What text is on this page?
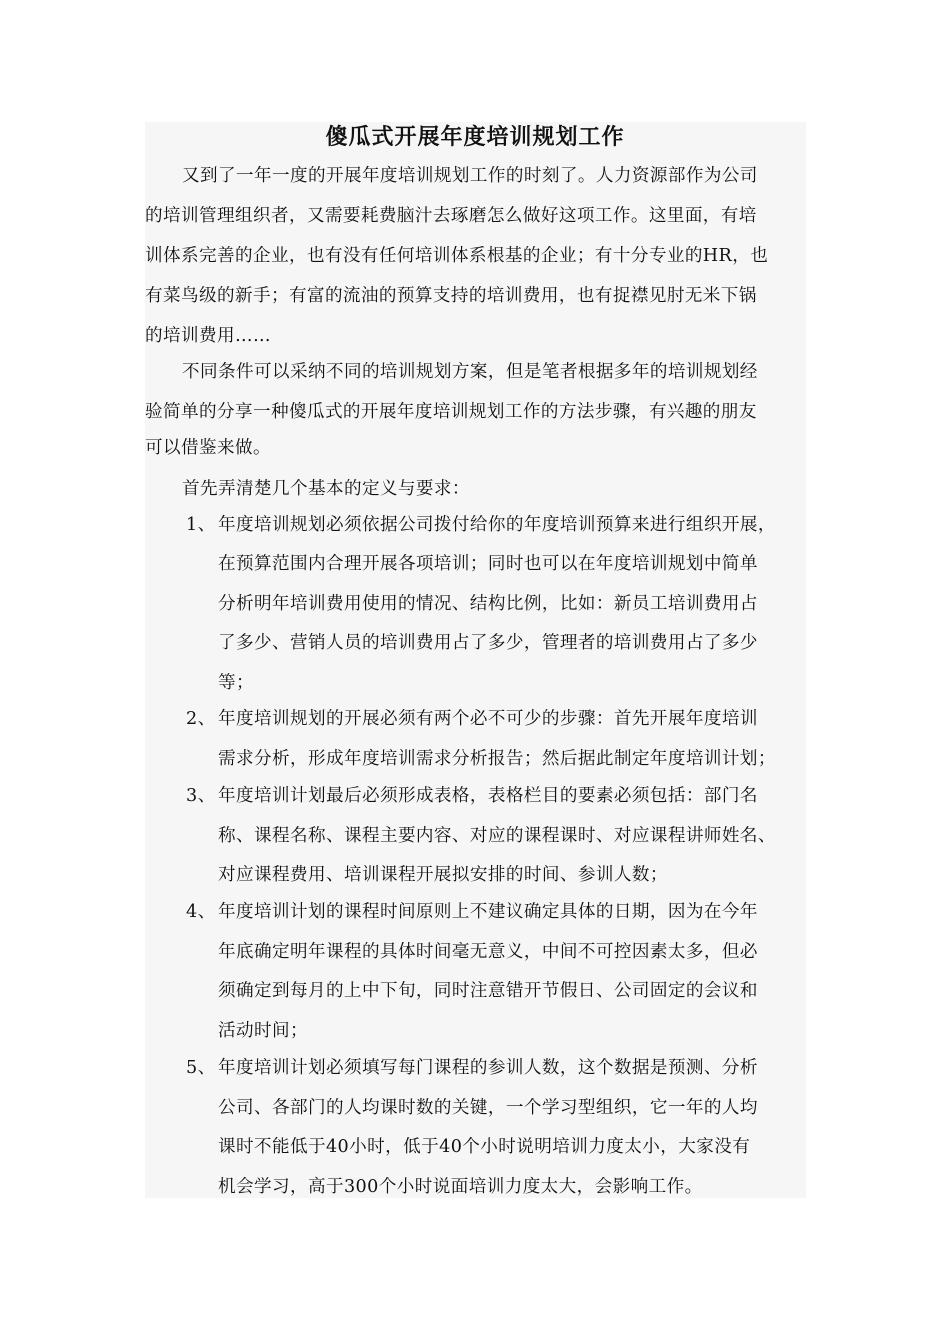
傻瓜式开展年度培训规划工作
又到了一年一度的开展年度培训规划工作的时刻了。人力资源部作为公司
的培训管理组织者，又需要耗费脑汁去琢磨怎么做好这项工作。这里面，有培
训体系完善的企业，也有没有任何培训体系根基的企业；有十分专业的HR，也
有菜鸟级的新手；有富的流油的预算支持的培训费用，也有捉襟见肘无米下锅
的培训费用……
不同条件可以采纳不同的培训规划方案，但是笔者根据多年的培训规划经
验简单的分享一种傻瓜式的开展年度培训规划工作的方法步骤，有兴趣的朋友
可以借鉴来做。
首先弄清楚几个基本的定义与要求：
1、 年度培训规划必须依据公司拨付给你的年度培训预算来进行组织开展，
在预算范围内合理开展各项培训；同时也可以在年度培训规划中简单
分析明年培训费用使用的情况、结构比例，比如：新员工培训费用占
了多少、营销人员的培训费用占了多少，管理者的培训费用占了多少
等；
2、 年度培训规划的开展必须有两个必不可少的步骤：首先开展年度培训
需求分析，形成年度培训需求分析报告；然后据此制定年度培训计划；
3、 年度培训计划最后必须形成表格，表格栏目的要素必须包括：部门名
称、课程名称、课程主要内容、对应的课程课时、对应课程讲师姓名、
对应课程费用、培训课程开展拟安排的时间、参训人数；
4、 年度培训计划的课程时间原则上不建议确定具体的日期，因为在今年
年底确定明年课程的具体时间毫无意义，中间不可控因素太多，但必
须确定到每月的上中下旬，同时注意错开节假日、公司固定的会议和
活动时间；
5、 年度培训计划必须填写每门课程的参训人数，这个数据是预测、分析
公司、各部门的人均课时数的关键，一个学习型组织，它一年的人均
课时不能低于40小时，低于40个小时说明培训力度太小，大家没有
机会学习，高于300个小时说面培训力度太大，会影响工作。
